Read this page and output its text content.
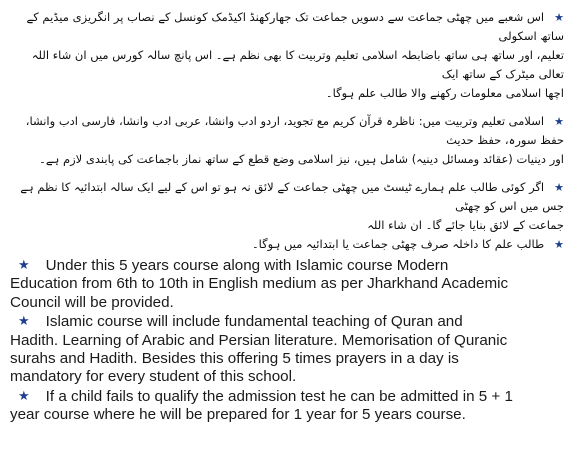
★اس شعبے میں چھٹی جماعت سے دسویں جماعت تک جھارکھنڈ اکیڈمک کونسل کے نصاب پر انگریزی میڈیم کے ساتھ اسکولی

تعلیم، اور ساتھ ہی ساتھ باضابطہ اسلامی تعلیم وتربیت کا بھی نظم ہے۔ اس پانچ سالہ کورس میں ان شاء اللہ تعالی میٹرک کے ساتھ ایک

اچھا اسلامی معلومات رکھنے والا طالب علم ہوگا۔

★اسلامی تعلیم وتربیت میں: ناظرہ قرآن کریم مع تجوید، اردو ادب وانشا، عربی ادب وانشا، فارسی ادب وانشا، حفظ سورہ، حفظ حدیث

اور دینیات (عقائد ومسائل دینیہ) شامل ہیں، نیز اسلامی وضع قطع کے ساتھ نماز باجماعت کی پابندی لازم ہے۔

★اگر کوئی طالب علم ہمارے ٹیسٹ میں چھٹی جماعت کے لائق نہ ہو تو اس کے لیے ایک سالہ ابتدائیہ کا نظم ہے جس میں اس کو چھٹی

جماعت کے لائق بنایا جائے گا۔ ان شاء اللہ

★طالب علم کا داخلہ صرف چھٹی جماعت یا ابتدائیہ میں ہوگا۔

★ Under this 5 years course along with Islamic course Modern

Education from 6th to 10th in English medium as per Jharkhand Academic

Council will be provided.

★ Islamic course will include fundamental teaching of Quran and

Hadith. Learning of Arabic and Persian literature. Memorisation of Quranic

surahs and Hadith. Besides this offering 5 times prayers in a day is

mandatory for every student of this school.

★ If a child fails to qualify the admission test he can be admitted in 5 + 1

year course where he will be prepared for 1 year for 5 years course.
